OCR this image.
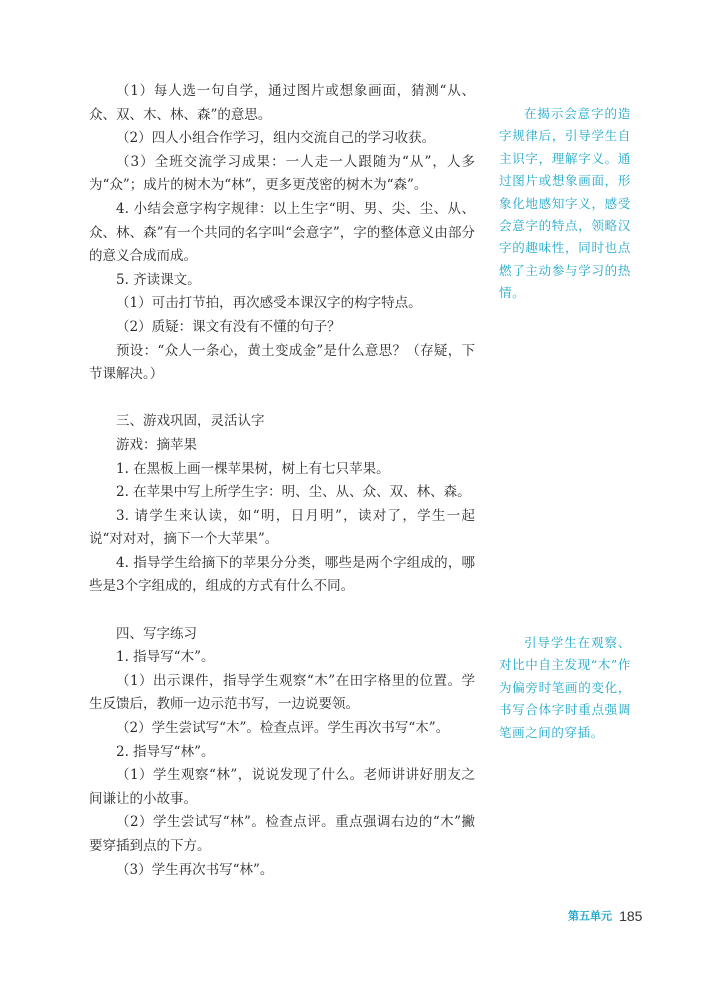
（1）每人选一句自学，通过图片或想象画面，猜测“从、众、双、木、林、森”的意思。

（2）四人小组合作学习，组内交流自己的学习收获。

（3）全班交流学习成果：一人走一人跟随为“从”，人多为“众”；成片的树木为“林”，更多更茂密的树木为“森”。

4. 小结会意字构字规律：以上生字“明、男、尖、尘、从、众、林、森”有一个共同的名字叫“会意字”，字的整体意义由部分的意义合成而成。

5. 齐读课文。

（1）可击打节拍，再次感受本课汉字的构字特点。

（2）质疑：课文有没有不懂的句子？

预设：“众人一条心，黄土变成金”是什么意思？（存疑，下节课解决。）

三、游戏巩固，灵活认字

游戏：摘苹果

1. 在黑板上画一棵苹果树，树上有七只苹果。

2. 在苹果中写上所学生字：明、尘、从、众、双、林、森。

3. 请学生来认读，如“明，日月明”，读对了，学生一起说“对对对，摘下一个大苹果”。

4. 指导学生给摘下的苹果分分类，哪些是两个字组成的，哪些是3个字组成的，组成的方式有什么不同。

四、写字练习

1. 指导写“木”。

（1）出示课件，指导学生观察“木”在田字格里的位置。学生反馈后，教师一边示范书写，一边说要领。

（2）学生尝试写“木”。检查点评。学生再次书写“木”。

2. 指导写“林”。

（1）学生观察“林”，说说发现了什么。老师讲讲好朋友之间谦让的小故事。

（2）学生尝试写“林”。检查点评。重点强调右边的“木”撇要穿插到点的下方。

（3）学生再次书写“林”。

在揭示会意字的造字规律后，引导学生自主识字，理解字义。通过图片或想象画面，形象化地感知字义，感受会意字的特点，领略汉字的趣味性，同时也点燃了主动参与学习的热情。

引导学生在观察、对比中自主发现“木”作为偏旁时笔画的变化，书写合体字时重点强调笔画之间的穿插。

第五单元 185
